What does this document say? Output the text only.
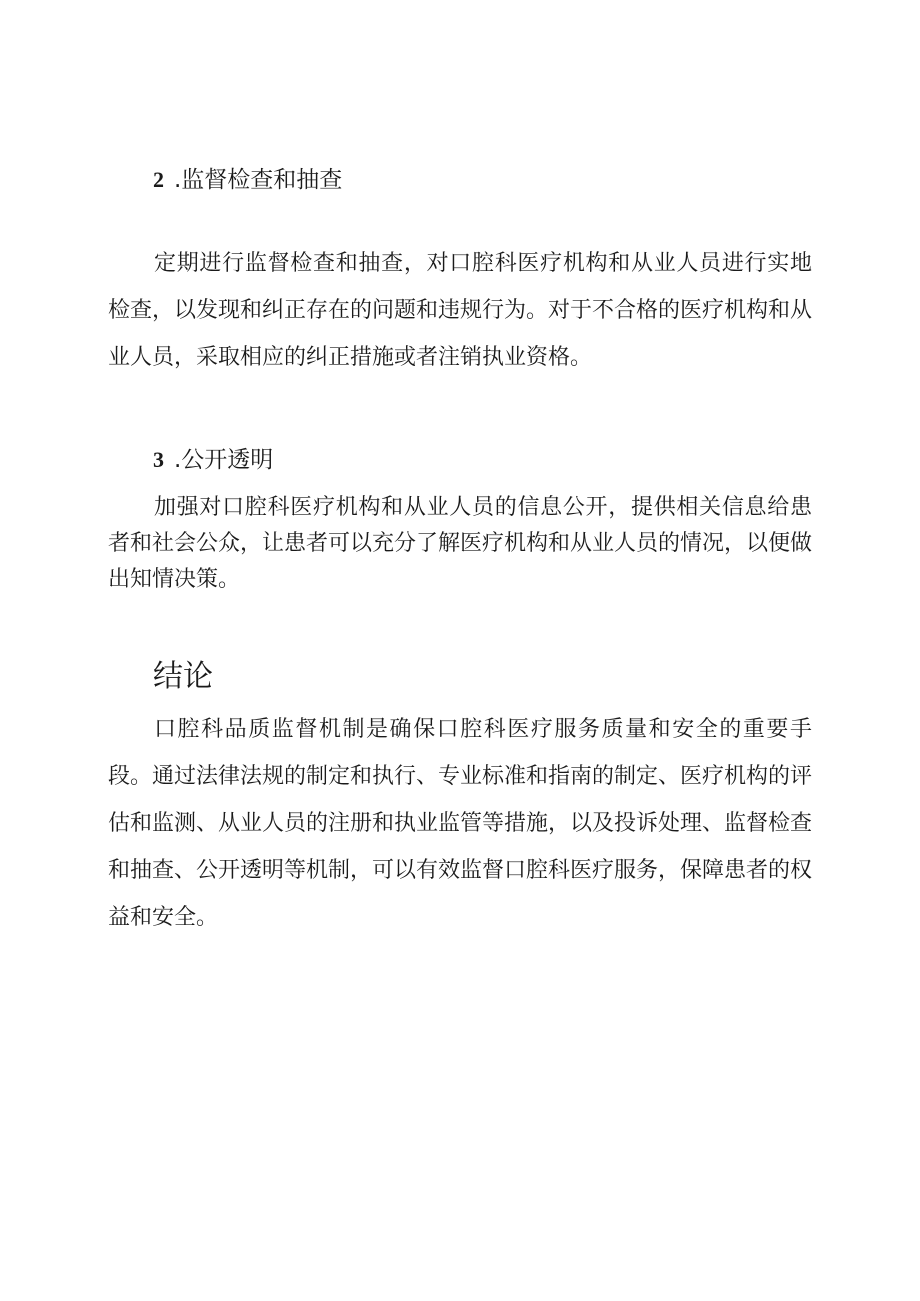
2 .监督检查和抽查

定期进行监督检查和抽查，对口腔科医疗机构和从业人员进行实地检查，以发现和纠正存在的问题和违规行为。对于不合格的医疗机构和从业人员，采取相应的纠正措施或者注销执业资格。

3 .公开透明

加强对口腔科医疗机构和从业人员的信息公开，提供相关信息给患者和社会公众，让患者可以充分了解医疗机构和从业人员的情况，以便做出知情决策。

结论

口腔科品质监督机制是确保口腔科医疗服务质量和安全的重要手段。通过法律法规的制定和执行、专业标准和指南的制定、医疗机构的评估和监测、从业人员的注册和执业监管等措施，以及投诉处理、监督检查和抽查、公开透明等机制，可以有效监督口腔科医疗服务，保障患者的权益和安全。
